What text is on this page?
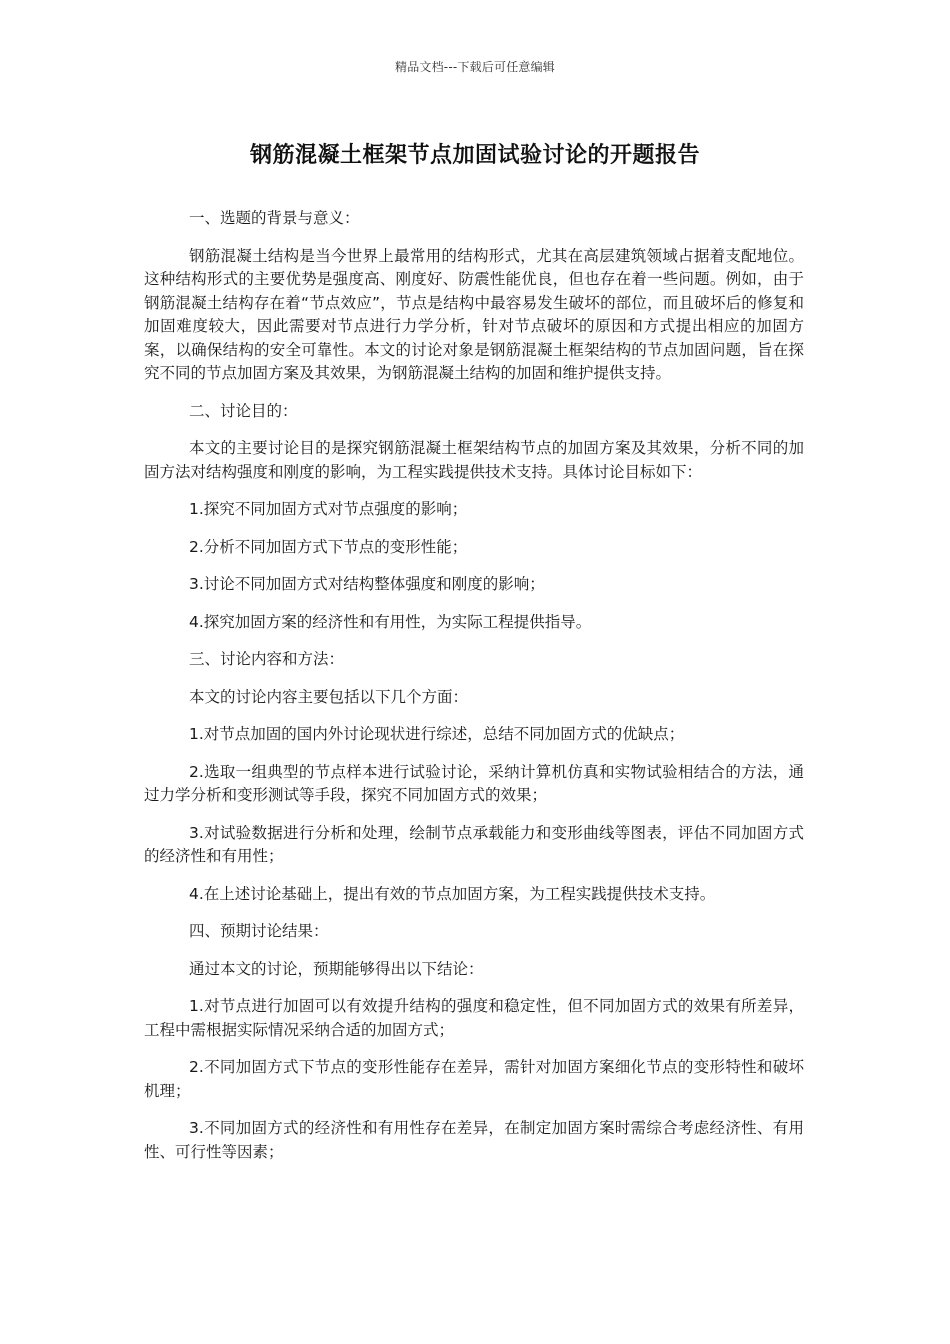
精品文档---下载后可任意编辑
钢筋混凝土框架节点加固试验讨论的开题报告

一、选题的背景与意义：

钢筋混凝土结构是当今世界上最常用的结构形式，尤其在高层建筑领域占据着支配地位。这种结构形式的主要优势是强度高、刚度好、防震性能优良，但也存在着一些问题。例如，由于钢筋混凝土结构存在着“节点效应”，节点是结构中最容易发生破坏的部位，而且破坏后的修复和加固难度较大，因此需要对节点进行力学分析，针对节点破坏的原因和方式提出相应的加固方案，以确保结构的安全可靠性。本文的讨论对象是钢筋混凝土框架结构的节点加固问题，旨在探究不同的节点加固方案及其效果，为钢筋混凝土结构的加固和维护提供支持。

二、讨论目的：

本文的主要讨论目的是探究钢筋混凝土框架结构节点的加固方案及其效果，分析不同的加固方法对结构强度和刚度的影响，为工程实践提供技术支持。具体讨论目标如下：

1.探究不同加固方式对节点强度的影响；

2.分析不同加固方式下节点的变形性能；

3.讨论不同加固方式对结构整体强度和刚度的影响；

4.探究加固方案的经济性和有用性，为实际工程提供指导。

三、讨论内容和方法：

本文的讨论内容主要包括以下几个方面：

1.对节点加固的国内外讨论现状进行综述，总结不同加固方式的优缺点；

2.选取一组典型的节点样本进行试验讨论，采纳计算机仿真和实物试验相结合的方法，通过力学分析和变形测试等手段，探究不同加固方式的效果；

3.对试验数据进行分析和处理，绘制节点承载能力和变形曲线等图表，评估不同加固方式的经济性和有用性；

4.在上述讨论基础上，提出有效的节点加固方案，为工程实践提供技术支持。

四、预期讨论结果：

通过本文的讨论，预期能够得出以下结论：

1.对节点进行加固可以有效提升结构的强度和稳定性，但不同加固方式的效果有所差异，工程中需根据实际情况采纳合适的加固方式；

2.不同加固方式下节点的变形性能存在差异，需针对加固方案细化节点的变形特性和破坏机理；

3.不同加固方式的经济性和有用性存在差异，在制定加固方案时需综合考虑经济性、有用性、可行性等因素；
